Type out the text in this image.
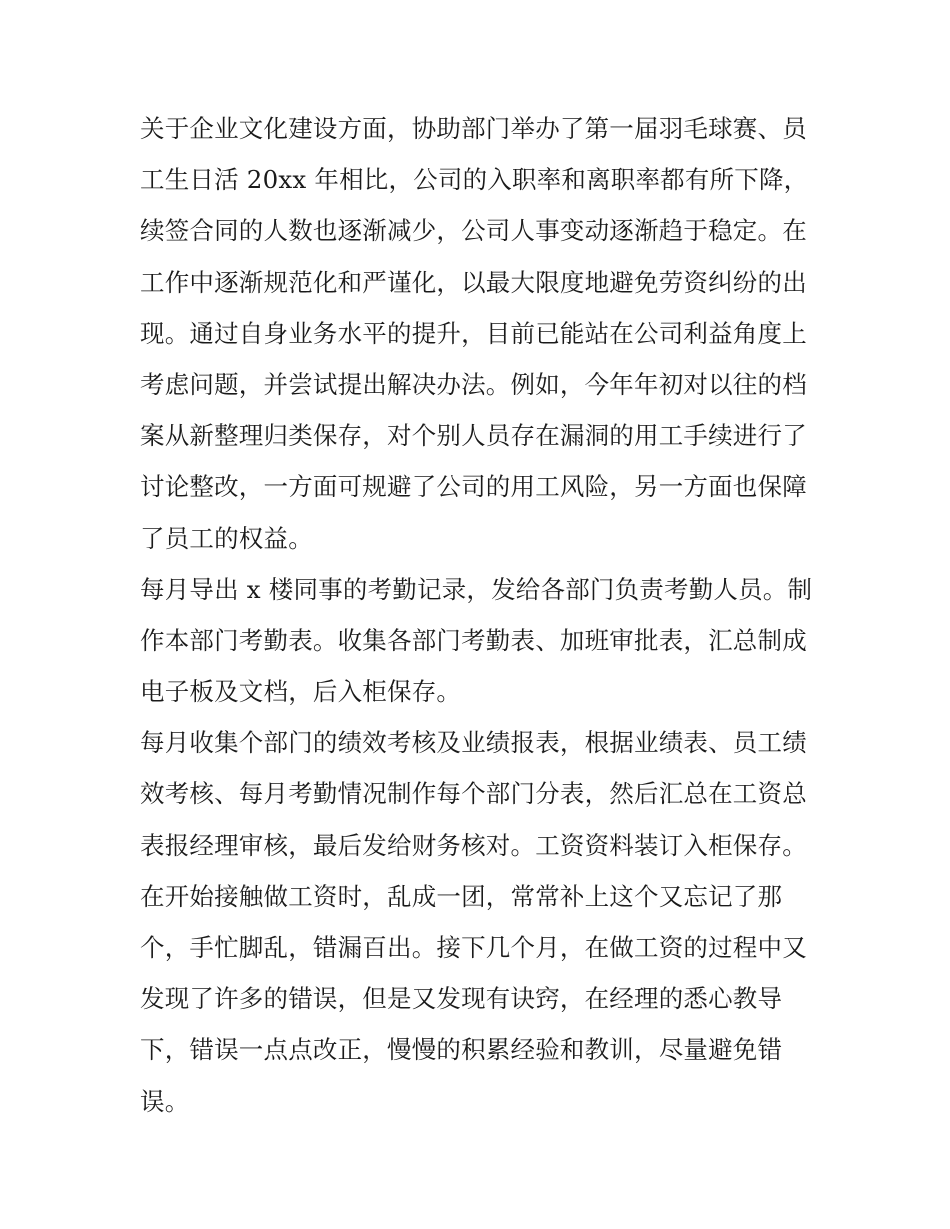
关于企业文化建设方面，协助部门举办了第一届羽毛球赛、员
工生日活 20xx 年相比，公司的入职率和离职率都有所下降，
续签合同的人数也逐渐减少，公司人事变动逐渐趋于稳定。在
工作中逐渐规范化和严谨化，以最大限度地避免劳资纠纷的出
现。通过自身业务水平的提升，目前已能站在公司利益角度上
考虑问题，并尝试提出解决办法。例如，今年年初对以往的档
案从新整理归类保存，对个别人员存在漏洞的用工手续进行了
讨论整改，一方面可规避了公司的用工风险，另一方面也保障
了员工的权益。

每月导出 x 楼同事的考勤记录，发给各部门负责考勤人员。制
作本部门考勤表。收集各部门考勤表、加班审批表，汇总制成
电子板及文档，后入柜保存。

每月收集个部门的绩效考核及业绩报表，根据业绩表、员工绩
效考核、每月考勤情况制作每个部门分表，然后汇总在工资总
表报经理审核，最后发给财务核对。工资资料装订入柜保存。

在开始接触做工资时，乱成一团，常常补上这个又忘记了那
个，手忙脚乱，错漏百出。接下几个月，在做工资的过程中又
发现了许多的错误，但是又发现有诀窍，在经理的悉心教导
下，错误一点点改正，慢慢的积累经验和教训，尽量避免错
误。
